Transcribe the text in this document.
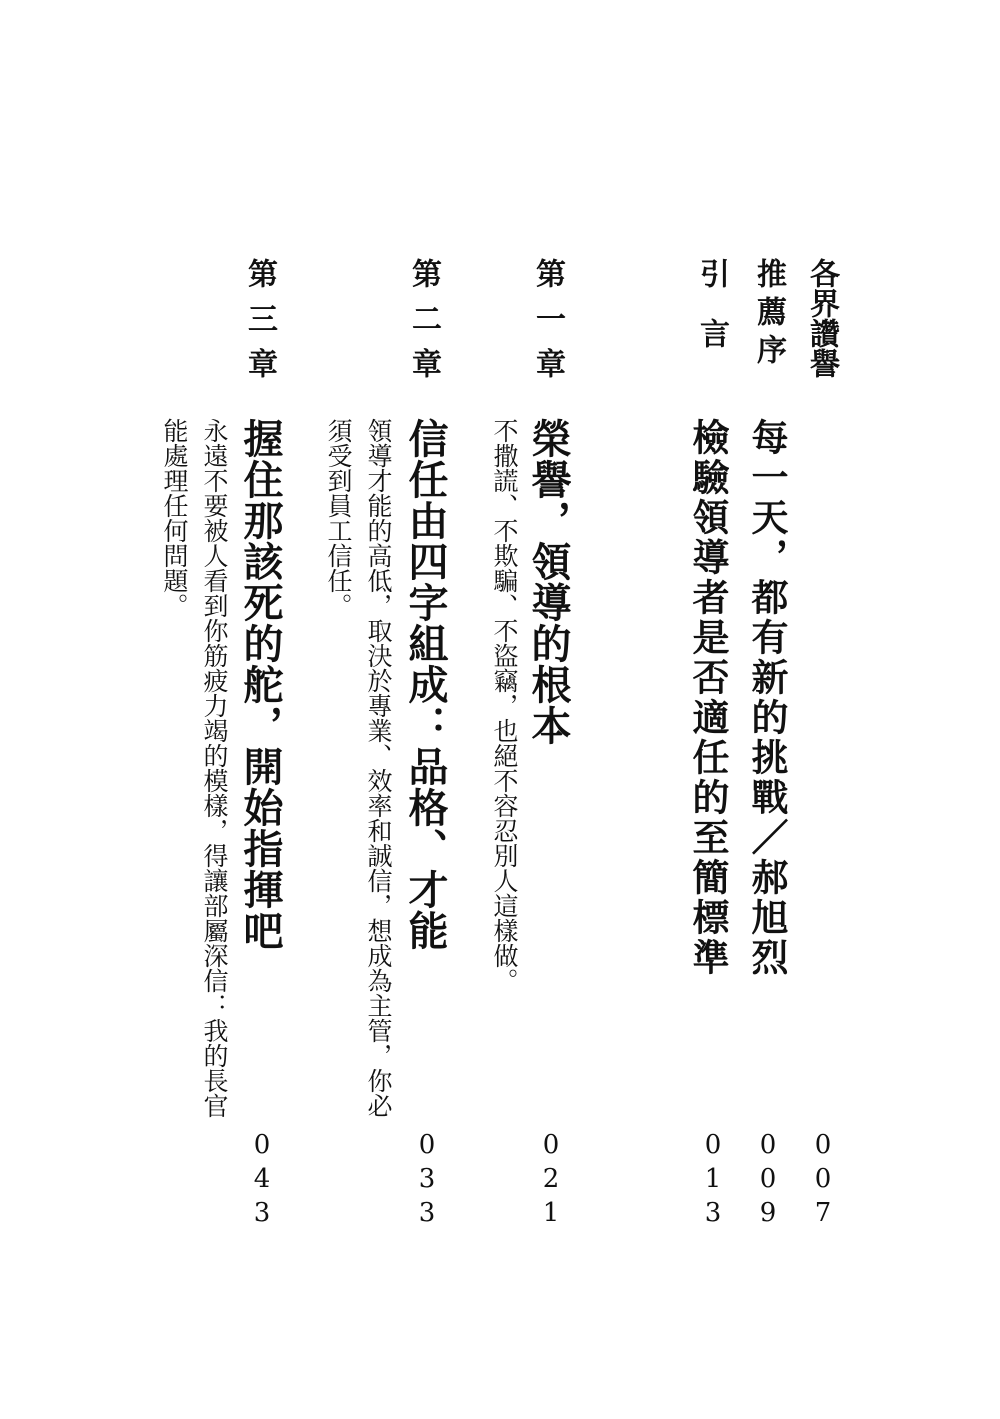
各界讚譽
007
推薦序
每一天，都有新的挑戰／郝旭烈
009
引　言
檢驗領導者是否適任的至簡標準
013
第一章
榮譽，領導的根本
不撒謊、不欺騙、不盜竊，也絕不容忍別人這樣做。
021
第二章
信任由四字組成：品格、才能
領導才能的高低，取決於專業、效率和誠信，想成為主管，你必
須受到員工信任。
033
第三章
握住那該死的舵，開始指揮吧
永遠不要被人看到你筋疲力竭的模樣，得讓部屬深信：我的長官
能處理任何問題。
043
